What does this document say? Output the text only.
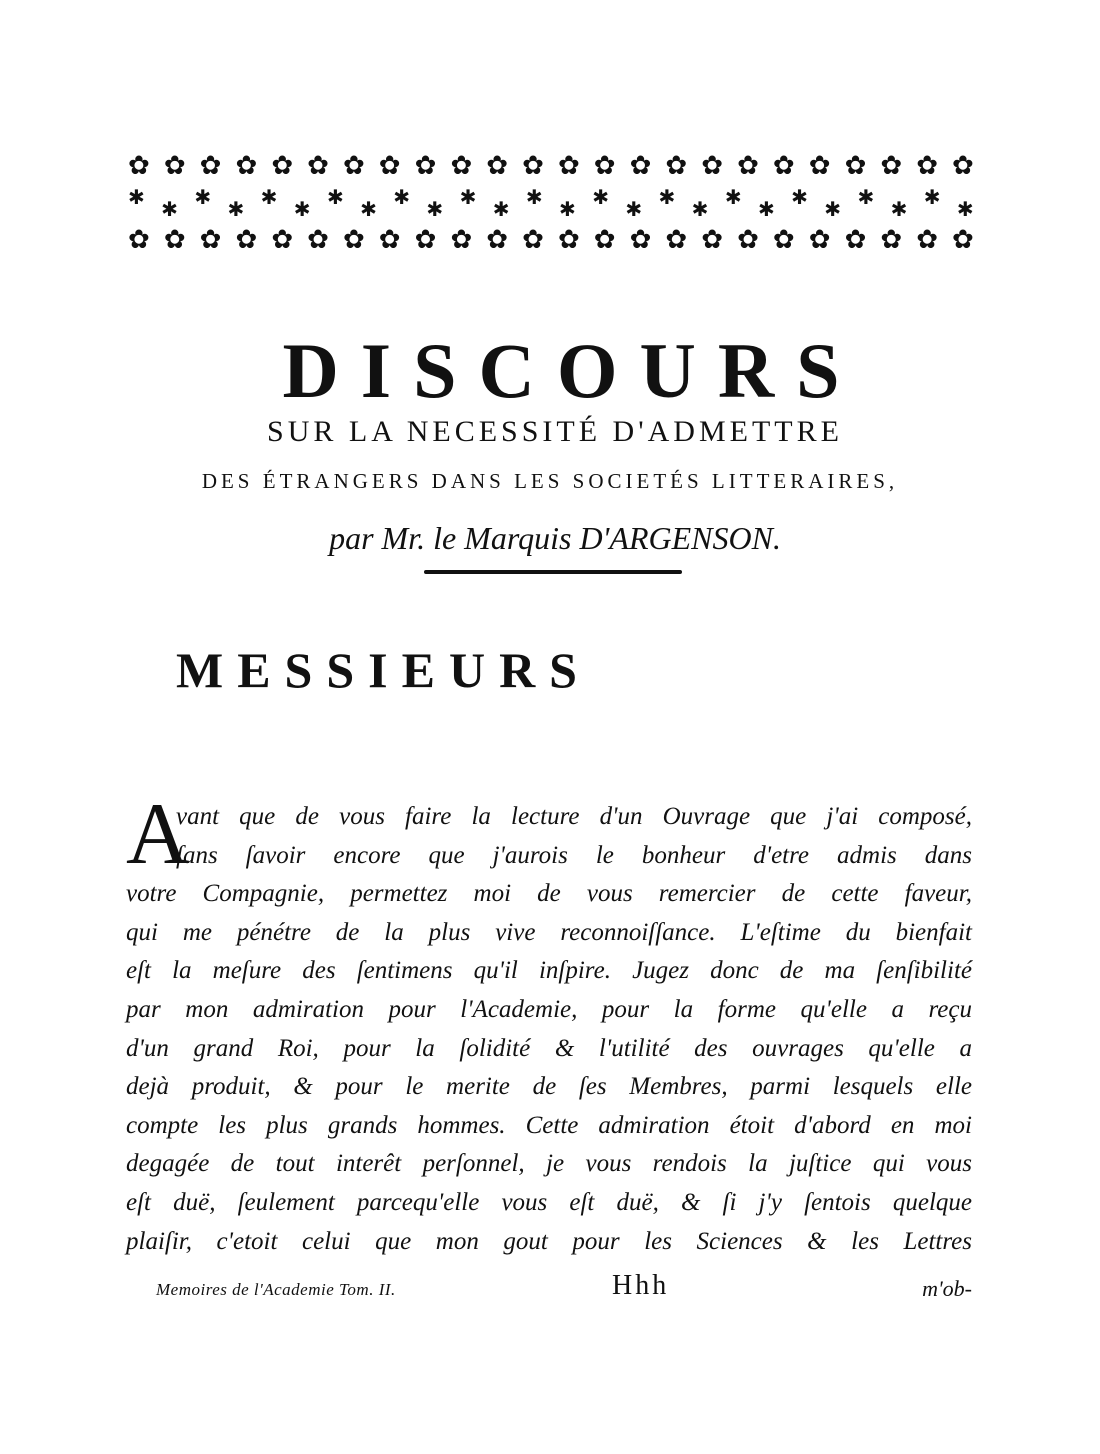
✿ ✿ ✿ ✿ ✿ ✿ ✿ ✿ ✿ ✿ ✿ ✿ ✿ ✿ ✿ ✿ ✿ ✿ ✿ ✿ ✿ ✿ ✿ ✿
✱ ✱ ✱ ✱ ✱ ✱ ✱ ✱ ✱ ✱ ✱ ✱ ✱ ✱ ✱ ✱ ✱ ✱ ✱ ✱ ✱ ✱ ✱ ✱ ✱ ✱
✿ ✿ ✿ ✿ ✿ ✿ ✿ ✿ ✿ ✿ ✿ ✿ ✿ ✿ ✿ ✿ ✿ ✿ ✿ ✿ ✿ ✿ ✿ ✿
DISCOURS
SUR LA NECESSITÉ D'ADMETTRE
DES ÉTRANGERS DANS LES SOCIETÉS LITTERAIRES,
par Mr. le Marquis D'ARGENSON.
MESSIEURS
A
vant que de vous faire la lecture d'un Ouvrage que j'ai composé,
ſans ſavoir encore que j'aurois le bonheur d'etre admis dans
votre Compagnie, permettez moi de vous remercier de cette faveur,
qui me pénétre de la plus vive reconnoiſſance. L'eſtime du bienfait
eſt la meſure des ſentimens qu'il inſpire. Jugez donc de ma ſenſibilité
par mon admiration pour l'Academie, pour la forme qu'elle a reçu
d'un grand Roi, pour la ſolidité & l'utilité des ouvrages qu'elle a
dejà produit, & pour le merite de ſes Membres, parmi lesquels elle
compte les plus grands hommes. Cette admiration étoit d'abord en moi
degagée de tout interêt perſonnel, je vous rendois la juſtice qui vous
eſt duë, ſeulement parcequ'elle vous eſt duë, & ſi j'y ſentois quelque
plaiſir, c'etoit celui que mon gout pour les Sciences & les Lettres
Memoires de l'Academie Tom. II.	Hhh	m'ob-
